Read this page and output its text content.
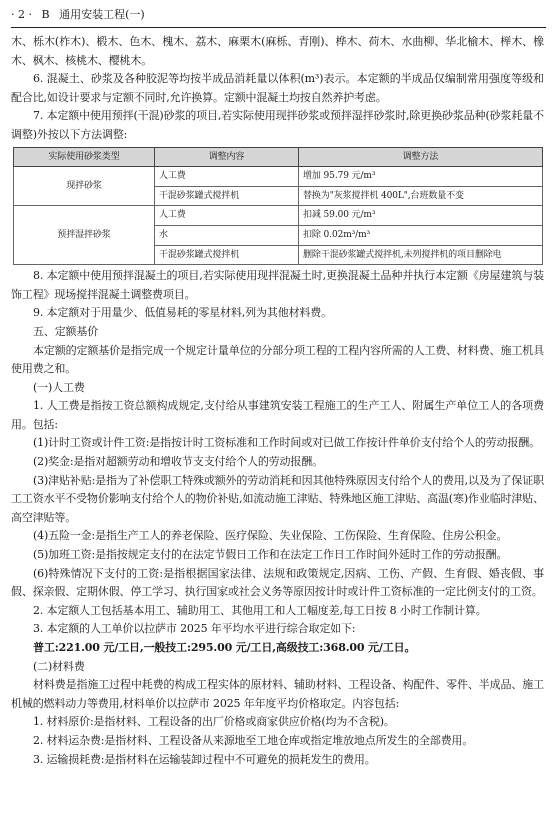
· 2 · B 通用安装工程(一)

木、栎木(柞木)、椴木、色木、槐木、荔木、麻栗木(麻栎、青刚)、桦木、荷木、水曲柳、华北榆木、榉木、橡木、枫木、核桃木、樱桃木。

6. 混凝土、砂浆及各种胶泥等均按半成品消耗量以体积(m³)表示。本定额的半成品仅编制常用强度等级和配合比,如设计要求与定额不同时,允许换算。定额中混凝土均按自然养护考虑。

7. 本定额中使用预拌(干混)砂浆的项目,若实际使用现拌砂浆或预拌湿拌砂浆时,除更换砂浆品种(砂浆耗量不调整)外按以下方法调整:

实际使用砂浆类型	调整内容	调整方法
现拌砂浆	人工费	增加 95.79 元/m³
	干混砂浆罐式搅拌机	替换为"灰浆搅拌机 400L",台班数量不变
预拌湿拌砂浆	人工费	扣减 59.00 元/m³
	水	扣除 0.02m³/m³
	干混砂浆罐式搅拌机	删除干混砂浆罐式搅拌机,未列搅拌机的项目删除电

8. 本定额中使用预拌混凝土的项目,若实际使用现拌混凝土时,更换混凝土品种并执行本定额《房屋建筑与装饰工程》现场搅拌混凝土调整费项目。

9. 本定额对于用量少、低值易耗的零星材料,列为其他材料费。

五、定额基价

本定额的定额基价是指完成一个规定计量单位的分部分项工程的工程内容所需的人工费、材料费、施工机具使用费之和。

(一)人工费

1. 人工费是指按工资总额构成规定,支付给从事建筑安装工程施工的生产工人、附属生产单位工人的各项费用。包括:

(1)计时工资或计件工资:是指按计时工资标准和工作时间或对已做工作按计件单价支付给个人的劳动报酬。

(2)奖金:是指对超额劳动和增收节支支付给个人的劳动报酬。

(3)津贴补贴:是指为了补偿职工特殊或额外的劳动消耗和因其他特殊原因支付给个人的费用,以及为了保证职工工资水平不受物价影响支付给个人的物价补贴,如流动施工津贴、特殊地区施工津贴、高温(寒)作业临时津贴、高空津贴等。

(4)五险一金:是指生产工人的养老保险、医疗保险、失业保险、工伤保险、生育保险、住房公积金。

(5)加班工资:是指按规定支付的在法定节假日工作和在法定工作日工作时间外延时工作的劳动报酬。

(6)特殊情况下支付的工资:是指根据国家法律、法规和政策规定,因病、工伤、产假、生育假、婚丧假、事假、探亲假、定期休假、停工学习、执行国家或社会义务等原因按计时或计件工资标准的一定比例支付的工资。

2. 本定额人工包括基本用工、辅助用工、其他用工和人工幅度差,每工日按 8 小时工作制计算。

3. 本定额的人工单价以拉萨市 2025 年平均水平进行综合取定如下:

普工:221.00 元/工日,一般技工:295.00 元/工日,高级技工:368.00 元/工日。

(二)材料费

材料费是指施工过程中耗费的构成工程实体的原材料、辅助材料、工程设备、构配件、零件、半成品、施工机械的燃料动力等费用,材料单价以拉萨市 2025 年年度平均价格取定。内容包括:

1. 材料原价:是指材料、工程设备的出厂价格或商家供应价格(均为不含税)。

2. 材料运杂费:是指材料、工程设备从来源地至工地仓库或指定堆放地点所发生的全部费用。

3. 运输损耗费:是指材料在运输装卸过程中不可避免的损耗发生的费用。
